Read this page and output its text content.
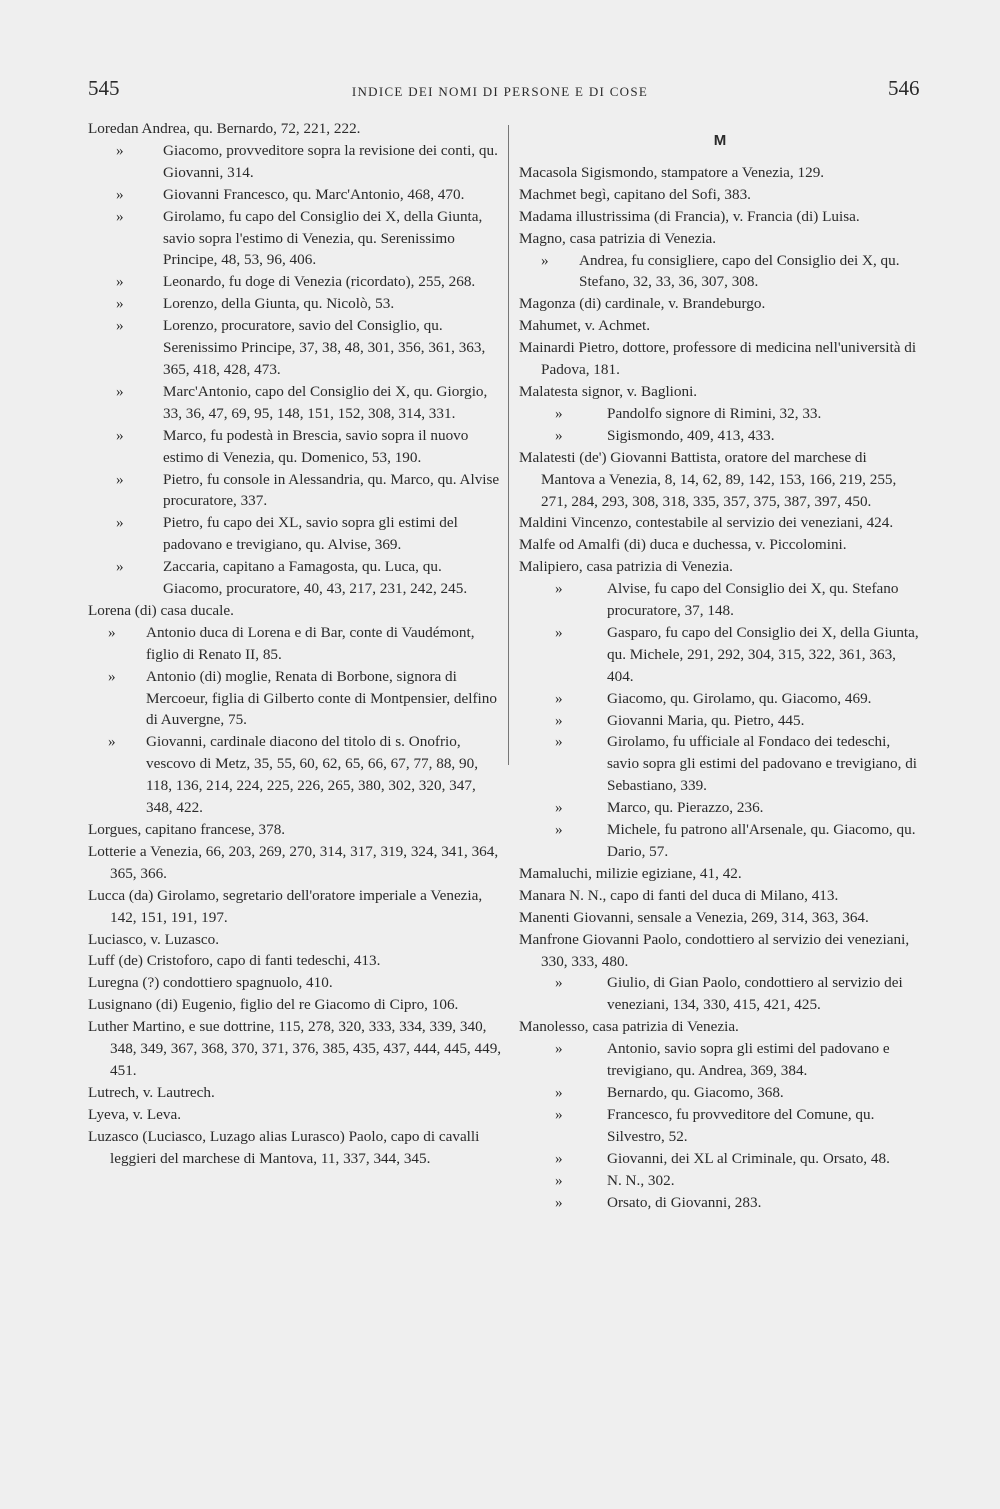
545	INDICE DEI NOMI DI PERSONE E DI COSE	546
Loredan Andrea, qu. Bernardo, 72, 221, 222.
»	Giacomo, provveditore sopra la revisione dei conti, qu. Giovanni, 314.
»	Giovanni Francesco, qu. Marc'Antonio, 468, 470.
»	Girolamo, fu capo del Consiglio dei X, della Giunta, savio sopra l'estimo di Venezia, qu. Serenissimo Principe, 48, 53, 96, 406.
»	Leonardo, fu doge di Venezia (ricordato), 255, 268.
»	Lorenzo, della Giunta, qu. Nicolò, 53.
»	Lorenzo, procuratore, savio del Consiglio, qu. Serenissimo Principe, 37, 38, 48, 301, 356, 361, 363, 365, 418, 428, 473.
»	Marc'Antonio, capo del Consiglio dei X, qu. Giorgio, 33, 36, 47, 69, 95, 148, 151, 152, 308, 314, 331.
»	Marco, fu podestà in Brescia, savio sopra il nuovo estimo di Venezia, qu. Domenico, 53, 190.
»	Pietro, fu console in Alessandria, qu. Marco, qu. Alvise procuratore, 337.
»	Pietro, fu capo dei XL, savio sopra gli estimi del padovano e trevigiano, qu. Alvise, 369.
»	Zaccaria, capitano a Famagosta, qu. Luca, qu. Giacomo, procuratore, 40, 43, 217, 231, 242, 245.
Lorena (di) casa ducale.
» Antonio duca di Lorena e di Bar, conte di Vaudémont, figlio di Renato II, 85.
» Antonio (di) moglie, Renata di Borbone, signora di Mercoeur, figlia di Gilberto conte di Montpensier, delfino di Auvergne, 75.
» Giovanni, cardinale diacono del titolo di s. Onofrio, vescovo di Metz, 35, 55, 60, 62, 65, 66, 67, 77, 88, 90, 118, 136, 214, 224, 225, 226, 265, 380, 302, 320, 347, 348, 422.
Lorgues, capitano francese, 378.
Lotterie a Venezia, 66, 203, 269, 270, 314, 317, 319, 324, 341, 364, 365, 366.
Lucca (da) Girolamo, segretario dell'oratore imperiale a Venezia, 142, 151, 191, 197.
Luciasco, v. Luzasco.
Luff (de) Cristoforo, capo di fanti tedeschi, 413.
Luregna (?) condottiero spagnuolo, 410.
Lusignano (di) Eugenio, figlio del re Giacomo di Cipro, 106.
Luther Martino, e sue dottrine, 115, 278, 320, 333, 334, 339, 340, 348, 349, 367, 368, 370, 371, 376, 385, 435, 437, 444, 445, 449, 451.
Lutrech, v. Lautrech.
Lyeva, v. Leva.
Luzasco (Luciasco, Luzago alias Lurasco) Paolo, capo di cavalli leggieri del marchese di Mantova, 11, 337, 344, 345.
M
Macasola Sigismondo, stampatore a Venezia, 129.
Machmet begì, capitano del Sofi, 383.
Madama illustrissima (di Francia), v. Francia (di) Luisa.
Magno, casa patrizia di Venezia.
» Andrea, fu consigliere, capo del Consiglio dei X, qu. Stefano, 32, 33, 36, 307, 308.
Magonza (di) cardinale, v. Brandeburgo.
Mahumet, v. Achmet.
Mainardi Pietro, dottore, professore di medicina nell'università di Padova, 181.
Malatesta signor, v. Baglioni.
»	Pandolfo signore di Rimini, 32, 33.
»	Sigismondo, 409, 413, 433.
Malatesti (de') Giovanni Battista, oratore del marchese di Mantova a Venezia, 8, 14, 62, 89, 142, 153, 166, 219, 255, 271, 284, 293, 308, 318, 335, 357, 375, 387, 397, 450.
Maldini Vincenzo, contestabile al servizio dei veneziani, 424.
Malfe od Amalfi (di) duca e duchessa, v. Piccolomini.
Malipiero, casa patrizia di Venezia.
»	Alvise, fu capo del Consiglio dei X, qu. Stefano procuratore, 37, 148.
»	Gasparo, fu capo del Consiglio dei X, della Giunta, qu. Michele, 291, 292, 304, 315, 322, 361, 363, 404.
»	Giacomo, qu. Girolamo, qu. Giacomo, 469.
»	Giovanni Maria, qu. Pietro, 445.
»	Girolamo, fu ufficiale al Fondaco dei tedeschi, savio sopra gli estimi del padovano e trevigiano, di Sebastiano, 339.
»	Marco, qu. Pierazzo, 236.
»	Michele, fu patrono all'Arsenale, qu. Giacomo, qu. Dario, 57.
Mamaluchi, milizie egiziane, 41, 42.
Manara N. N., capo di fanti del duca di Milano, 413.
Manenti Giovanni, sensale a Venezia, 269, 314, 363, 364.
Manfrone Giovanni Paolo, condottiero al servizio dei veneziani, 330, 333, 480.
»	Giulio, di Gian Paolo, condottiero al servizio dei veneziani, 134, 330, 415, 421, 425.
Manolesso, casa patrizia di Venezia.
»	Antonio, savio sopra gli estimi del padovano e trevigiano, qu. Andrea, 369, 384.
»	Bernardo, qu. Giacomo, 368.
»	Francesco, fu provveditore del Comune, qu. Silvestro, 52.
»	Giovanni, dei XL al Criminale, qu. Orsato, 48.
»	N. N., 302.
»	Orsato, di Giovanni, 283.
